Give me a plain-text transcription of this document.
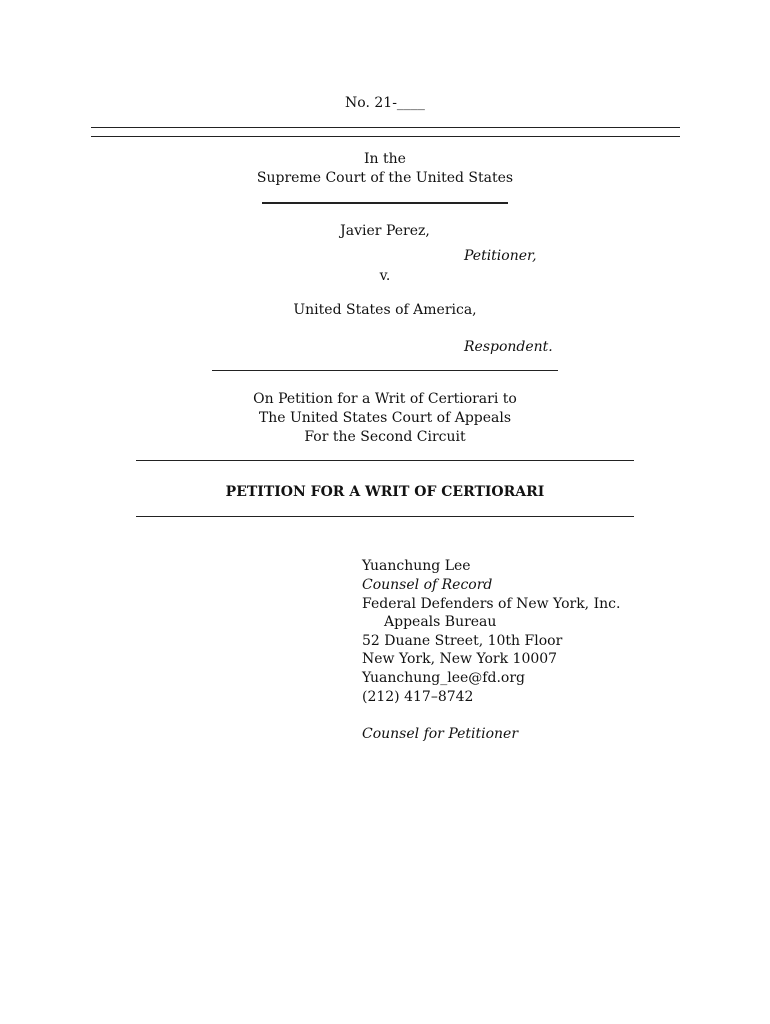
No. 21-____
In the
Supreme Court of the United States
Javier Perez,
Petitioner,
v.
United States of America,
Respondent.
On Petition for a Writ of Certiorari to
The United States Court of Appeals
For the Second Circuit
PETITION FOR A WRIT OF CERTIORARI
Yuanchung Lee
Counsel of Record
Federal Defenders of New York, Inc.
Appeals Bureau
52 Duane Street, 10th Floor
New York, New York 10007
Yuanchung_lee@fd.org
(212) 417–8742
Counsel for Petitioner
